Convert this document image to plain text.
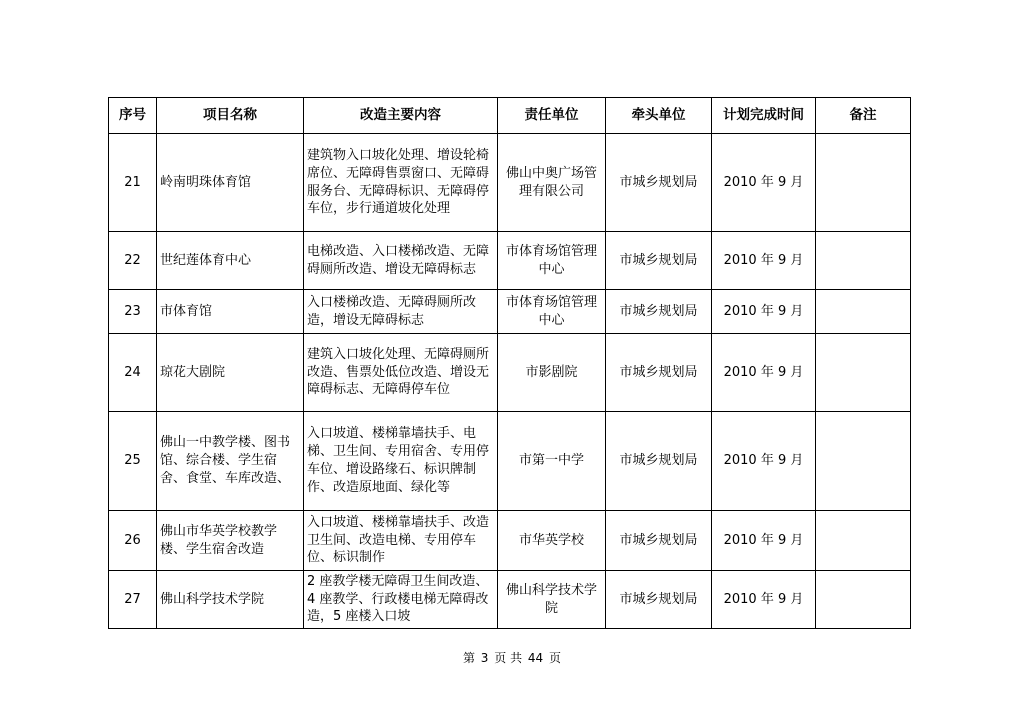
序号	项目名称	改造主要内容	责任单位	牵头单位	计划完成时间	备注
21	岭南明珠体育馆	建筑物入口坡化处理、增设轮椅席位、无障碍售票窗口、无障碍服务台、无障碍标识、无障碍停车位，步行通道坡化处理	佛山中奥广场管理有限公司	市城乡规划局	2010 年 9 月	
22	世纪莲体育中心	电梯改造、入口楼梯改造、无障碍厕所改造、增设无障碍标志	市体育场馆管理中心	市城乡规划局	2010 年 9 月	
23	市体育馆	入口楼梯改造、无障碍厕所改造，增设无障碍标志	市体育场馆管理中心	市城乡规划局	2010 年 9 月	
24	琼花大剧院	建筑入口坡化处理、无障碍厕所改造、售票处低位改造、增设无障碍标志、无障碍停车位	市影剧院	市城乡规划局	2010 年 9 月	
25	佛山一中教学楼、图书馆、综合楼、学生宿舍、食堂、车库改造、	入口坡道、楼梯靠墙扶手、电梯、卫生间、专用宿舍、专用停车位、增设路缘石、标识牌制作、改造原地面、绿化等	市第一中学	市城乡规划局	2010 年 9 月	
26	佛山市华英学校教学楼、学生宿舍改造	入口坡道、楼梯靠墙扶手、改造卫生间、改造电梯、专用停车位、标识制作	市华英学校	市城乡规划局	2010 年 9 月	
27	佛山科学技术学院	2 座教学楼无障碍卫生间改造、4 座教学、行政楼电梯无障碍改造，5 座楼入口坡	佛山科学技术学院	市城乡规划局	2010 年 9 月	
第 3 页 共 44 页
